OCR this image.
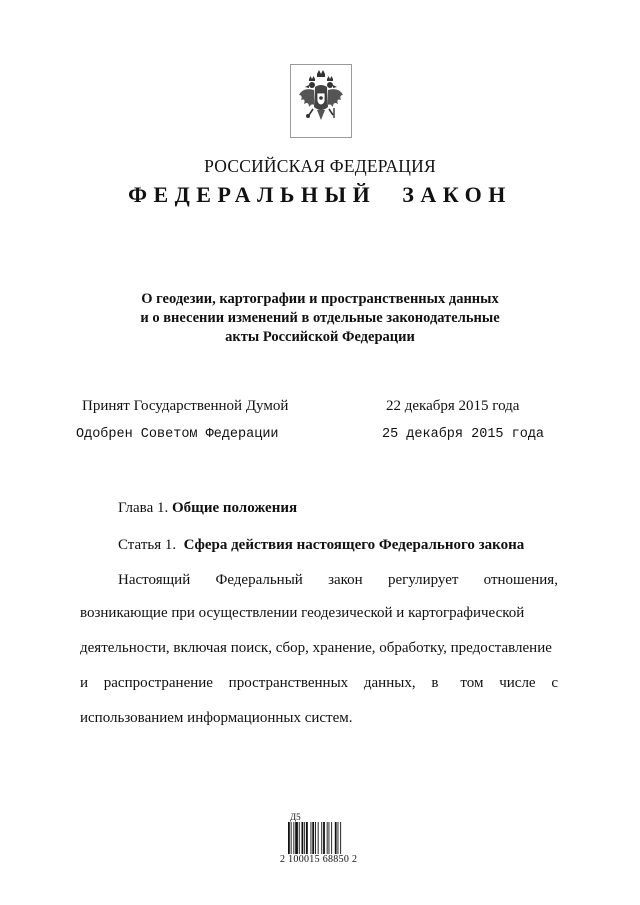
РОССИЙСКАЯ ФЕДЕРАЦИЯ
ФЕДЕРАЛЬНЫЙ ЗАКОН
О геодезии, картографии и пространственных данных
и о внесении изменений в отдельные законодательные
акты Российской Федерации
Принят Государственной Думой	22 декабря 2015 года
Одобрен Советом Федерации	25 декабря 2015 года
Глава 1. Общие положения
Статья 1. Сфера действия настоящего Федерального закона
Настоящий Федеральный закон регулирует отношения,
возникающие при осуществлении геодезической и картографической
деятельности, включая поиск, сбор, хранение, обработку, предоставление
и распространение пространственных данных, в том числе с
использованием информационных систем.
Д5
2 100015 68850 2
